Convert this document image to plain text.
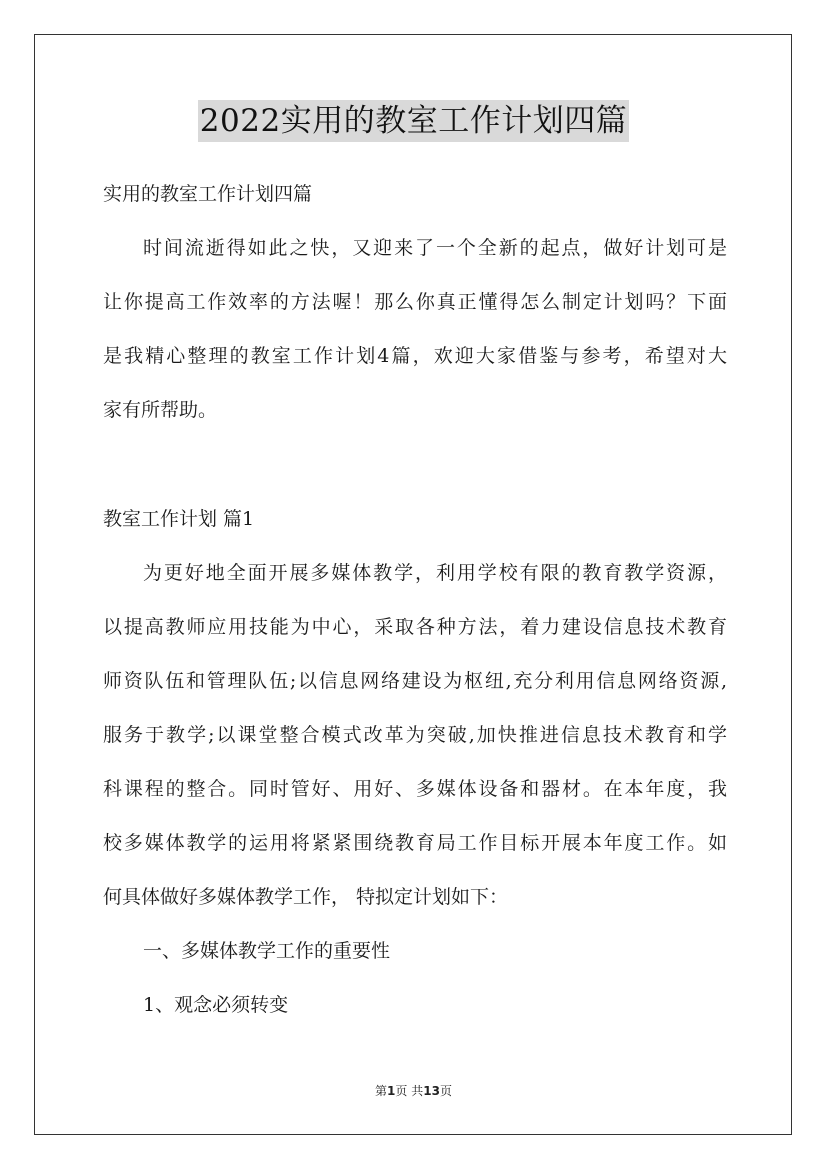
2022实用的教室工作计划四篇
实用的教室工作计划四篇
时间流逝得如此之快，又迎来了一个全新的起点，做好计划可是
让你提高工作效率的方法喔！那么你真正懂得怎么制定计划吗？下面
是我精心整理的教室工作计划4篇，欢迎大家借鉴与参考，希望对大
家有所帮助。
教室工作计划 篇1
为更好地全面开展多媒体教学，利用学校有限的教育教学资源，
以提高教师应用技能为中心，采取各种方法，着力建设信息技术教育
师资队伍和管理队伍;以信息网络建设为枢纽,充分利用信息网络资源,
服务于教学;以课堂整合模式改革为突破,加快推进信息技术教育和学
科课程的整合。同时管好、用好、多媒体设备和器材。在本年度，我
校多媒体教学的运用将紧紧围绕教育局工作目标开展本年度工作。如
何具体做好多媒体教学工作， 特拟定计划如下：
一、多媒体教学工作的重要性
1、观念必须转变
第1页 共13页
